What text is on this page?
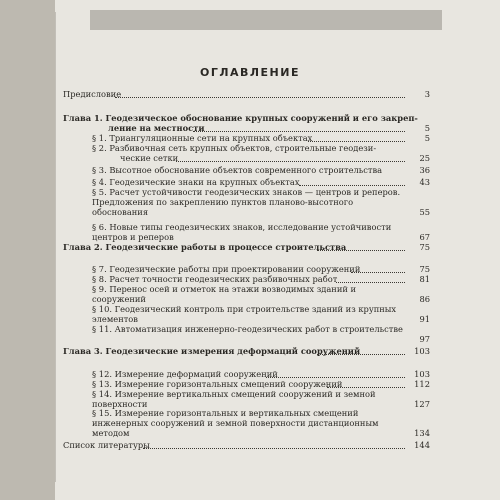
ОГЛАВЛЕНИЕ
Предисловие	3
Глава 1. Геодезическое обоснование крупных сооружений и его закреп-
ление на местности	5
§ 1. Триангуляционные сети на крупных объектах	5
§ 2. Разбивочная сеть крупных объектов, строительные геодези-
ческие сетки	25
§ 3. Высотное обоснование объектов современного строительства	36
§ 4. Геодезические знаки на крупных объектах	43
§ 5. Расчет устойчивости геодезических знаков — центров и реперов. Предложения по закреплению пунктов планово-высотного обоснования	55
§ 6. Новые типы геодезических знаков, исследование устойчивости центров и реперов	67
Глава 2. Геодезические работы в процессе строительства	75
§ 7. Геодезические работы при проектировании сооружений	75
§ 8. Расчет точности геодезических разбивочных работ	81
§ 9. Перенос осей и отметок на этажи возводимых зданий и сооружений	86
§ 10. Геодезический контроль при строительстве зданий из крупных элементов	91
§ 11. Автоматизация инженерно-геодезических работ в строительстве
97
Глава 3. Геодезические измерения деформаций сооружений	103
§ 12. Измерение деформаций сооружений	103
§ 13. Измерение горизонтальных смещений сооружений	112
§ 14. Измерение вертикальных смещений сооружений и земной поверхности	127
§ 15. Измерение горизонтальных и вертикальных смещений инженерных сооружений и земной поверхности дистанционным методом	134
Список литературы	144
